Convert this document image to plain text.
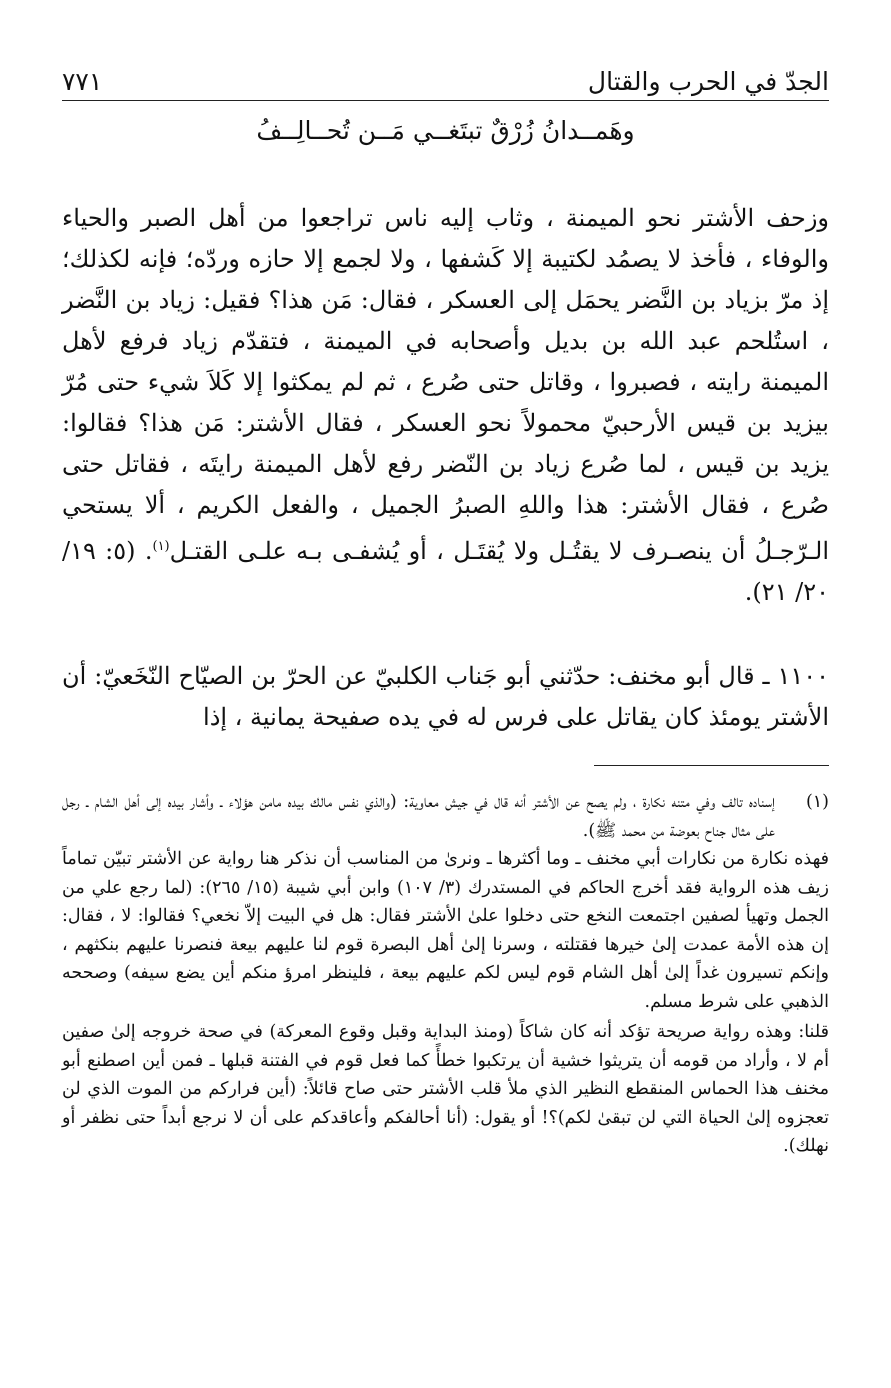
الجدّ في الحرب والقتال
٧٧١
وهَمــدانُ زُرْقٌ تبتَغــي مَــن تُحــالِــفُ

وزحف الأشتر نحو الميمنة ، وثاب إليه ناس تراجعوا من أهل الصبر والحياء والوفاء ، فأخذ لا يصمُد لكتيبة إلا كَشفها ، ولا لجمع إلا حازه وردّه؛ فإنه لكذلك؛ إذ مرّ بزياد بن النَّضر يحمَل إلى العسكر ، فقال: مَن هذا؟ فقيل: زياد بن النَّضر ، استُلحم عبد الله بن بديل وأصحابه في الميمنة ، فتقدّم زياد فرفع لأهل الميمنة رايته ، فصبروا ، وقاتل حتى صُرع ، ثم لم يمكثوا إلا كَلاَ شيء حتى مُرّ بيزيد بن قيس الأرحبيّ محمولاً نحو العسكر ، فقال الأشتر: مَن هذا؟ فقالوا: يزيد بن قيس ، لما صُرع زياد بن النّضر رفع لأهل الميمنة رايتَه ، فقاتل حتى صُرع ، فقال الأشتر: هذا واللهِ الصبرُ الجميل ، والفعل الكريم ، ألا يستحي الـرّجـلُ أن ينصـرف لا يقتُـل ولا يُقتَـل ، أو يُشفـى بـه علـى القتـل$^{(١)}$. (٥: ١٩/ ٢٠/ ٢١).

١١٠٠ ـ قال أبو مخنف: حدّثني أبو جَناب الكلبيّ عن الحرّ بن الصيّاح النّخَعيّ: أن الأشتر يومئذ كان يقاتل على فرس له في يده صفيحة يمانية ، إذا
(١)
إسناده تالف وفي متنه نكارة ، ولم يصح عن الأشتر أنه قال في جيش معاوية: (والذي نفس مالك بيده مامن هؤلاء ـ وأشار بيده إلى أهل الشام ـ رجل على مثال جناح بعوضة من محمد ﷺ).

فهذه نكارة من نكارات أبي مخنف ـ وما أكثرها ـ ونرىٰ من المناسب أن نذكر هنا رواية عن الأشتر تبيّن تماماً زيف هذه الرواية فقد أخرج الحاكم في المستدرك (٣/ ١٠٧) وابن أبي شيبة (١٥/ ٢٦٥): (لما رجع علي من الجمل وتهيأ لصفين اجتمعت النخع حتى دخلوا علىٰ الأشتر فقال: هل في البيت إلاّ نخعي؟ فقالوا: لا ، فقال: إن هذه الأمة عمدت إلىٰ خيرها فقتلته ، وسرنا إلىٰ أهل البصرة قوم لنا عليهم بيعة فنصرنا عليهم بنكثهم ، وإنكم تسيرون غداً إلىٰ أهل الشام قوم ليس لكم عليهم بيعة ، فلينظر امرؤ منكم أين يضع سيفه) وصححه الذهبي على شرط مسلم.

قلنا: وهذه رواية صريحة تؤكد أنه كان شاكاً (ومنذ البداية وقبل وقوع المعركة) في صحة خروجه إلىٰ صفين أم لا ، وأراد من قومه أن يتريثوا خشية أن يرتكبوا خطأً كما فعل قوم في الفتنة قبلها ـ فمن أين اصطنع أبو مخنف هذا الحماس المنقطع النظير الذي ملأ قلب الأشتر حتى صاح قائلاً: (أين فراركم من الموت الذي لن تعجزوه إلىٰ الحياة التي لن تبقىٰ لكم)؟! أو يقول: (أنا أحالفكم وأعاقدكم على أن لا نرجع أبداً حتى نظفر أو نهلك).
